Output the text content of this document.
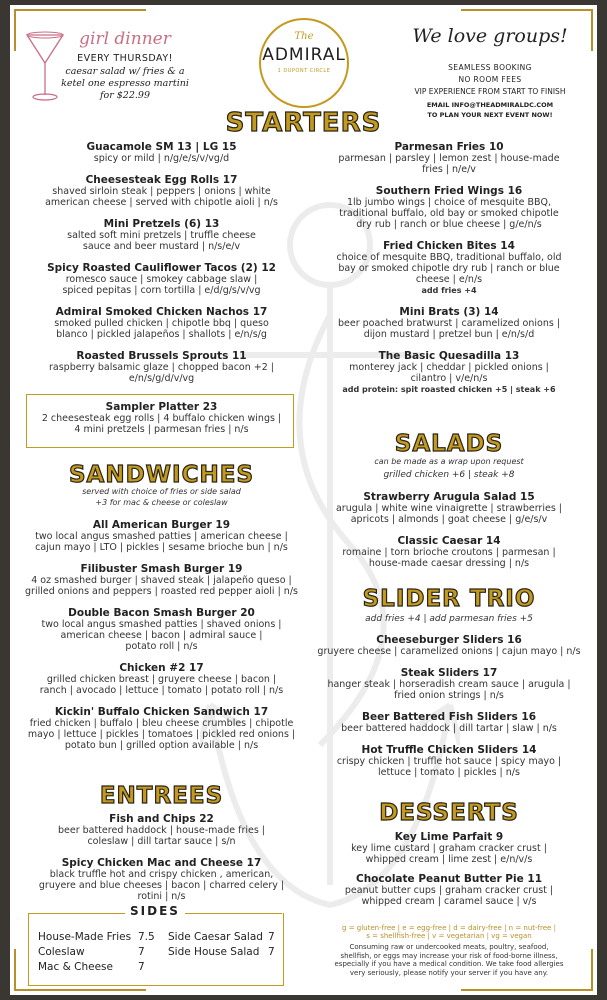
girl dinner
EVERY THURSDAY!
caesar salad w/ fries & a
ketel one espresso martini
for $22.99
The
ADMIRAL
1 DUPONT CIRCLE
We love groups!
SEAMLESS BOOKING
NO ROOM FEES
VIP EXPERIENCE FROM START TO FINISH
EMAIL INFO@THEADMIRALDC.COM
TO PLAN YOUR NEXT EVENT NOW!
STARTERS
Guacamole SM 13 | LG 15
spicy or mild | n/g/e/s/v/vg/d
Cheesesteak Egg Rolls 17
shaved sirloin steak | peppers | onions | white
american cheese | served with chipotle aioli | n/s
Mini Pretzels (6) 13
salted soft mini pretzels | truffle cheese
sauce and beer mustard | n/s/e/v
Spicy Roasted Cauliflower Tacos (2) 12
romesco sauce | smokey cabbage slaw |
spiced pepitas | corn tortilla | e/d/g/s/v/vg
Admiral Smoked Chicken Nachos 17
smoked pulled chicken | chipotle bbq | queso
blanco | pickled jalapeños | shallots | e/n/s/g
Roasted Brussels Sprouts 11
raspberry balsamic glaze | chopped bacon +2 |
e/n/s/g/d/v/vg
Sampler Platter 23
2 cheesesteak egg rolls | 4 buffalo chicken wings |
4 mini pretzels | parmesan fries | n/s
SANDWICHES
served with choice of fries or side salad
+3 for mac & cheese or coleslaw
All American Burger 19
two local angus smashed patties | american cheese |
cajun mayo | LTO | pickles | sesame brioche bun | n/s
Filibuster Smash Burger 19
4 oz smashed burger | shaved steak | jalapeño queso |
grilled onions and peppers | roasted red pepper aioli | n/s
Double Bacon Smash Burger 20
two local angus smashed patties | shaved onions |
american cheese | bacon | admiral sauce |
potato roll | n/s
Chicken #2 17
grilled chicken breast | gruyere cheese | bacon |
ranch | avocado | lettuce | tomato | potato roll | n/s
Kickin' Buffalo Chicken Sandwich 17
fried chicken | buffalo | bleu cheese crumbles | chipotle
mayo | lettuce | pickles | tomatoes | pickled red onions |
potato bun | grilled option available | n/s
ENTREES
Fish and Chips 22
beer battered haddock | house-made fries |
coleslaw | dill tartar sauce | s/n
Spicy Chicken Mac and Cheese 17
black truffle hot and crispy chicken , american,
gruyere and blue cheeses | bacon | charred celery |
rotini | n/s
SIDES
House-Made Fries	7.5	Side Caesar Salad	7
Coleslaw	7	Side House Salad	7
Mac & Cheese	7		
Parmesan Fries 10
parmesan | parsley | lemon zest | house-made
fries | n/e/v
Southern Fried Wings 16
1lb jumbo wings | choice of mesquite BBQ,
traditional buffalo, old bay or smoked chipotle
dry rub | ranch or blue cheese | g/e/n/s
Fried Chicken Bites 14
choice of mesquite BBQ, traditional buffalo, old
bay or smoked chipotle dry rub | ranch or blue
cheese | e/n/s
add fries +4
Mini Brats (3) 14
beer poached bratwurst | caramelized onions |
dijon mustard | pretzel bun | e/n/s/d
The Basic Quesadilla 13
monterey jack | cheddar | pickled onions |
cilantro | v/e/n/s
add protein: spit roasted chicken +5 | steak +6
SALADS
can be made as a wrap upon request
grilled chicken +6 | steak +8
Strawberry Arugula Salad 15
arugula | white wine vinaigrette | strawberries |
apricots | almonds | goat cheese | g/e/s/v
Classic Caesar 14
romaine | torn brioche croutons | parmesan |
house-made caesar dressing | n/s
SLIDER TRIO
add fries +4 | add parmesan fries +5
Cheeseburger Sliders 16
gruyere cheese | caramelized onions | cajun mayo | n/s
Steak Sliders 17
hanger steak | horseradish cream sauce | arugula |
fried onion strings | n/s
Beer Battered Fish Sliders 16
beer battered haddock | dill tartar | slaw | n/s
Hot Truffle Chicken Sliders 14
crispy chicken | truffle hot sauce | spicy mayo |
lettuce | tomato | pickles | n/s
DESSERTS
Key Lime Parfait 9
key lime custard | graham cracker crust |
whipped cream | lime zest | e/n/v/s
Chocolate Peanut Butter Pie 11
peanut butter cups | graham cracker crust |
whipped cream | caramel sauce | v/s
g = gluten-free | e = egg-free | d = dairy-free | n = nut-free |
s = shellfish-free | v = vegetarian | vg = vegan
Consuming raw or undercooked meats, poultry, seafood,
shellfish, or eggs may increase your risk of food-borne illness,
especially if you have a medical condition. We take food allergies
very seriously, please notify your server if you have any.
